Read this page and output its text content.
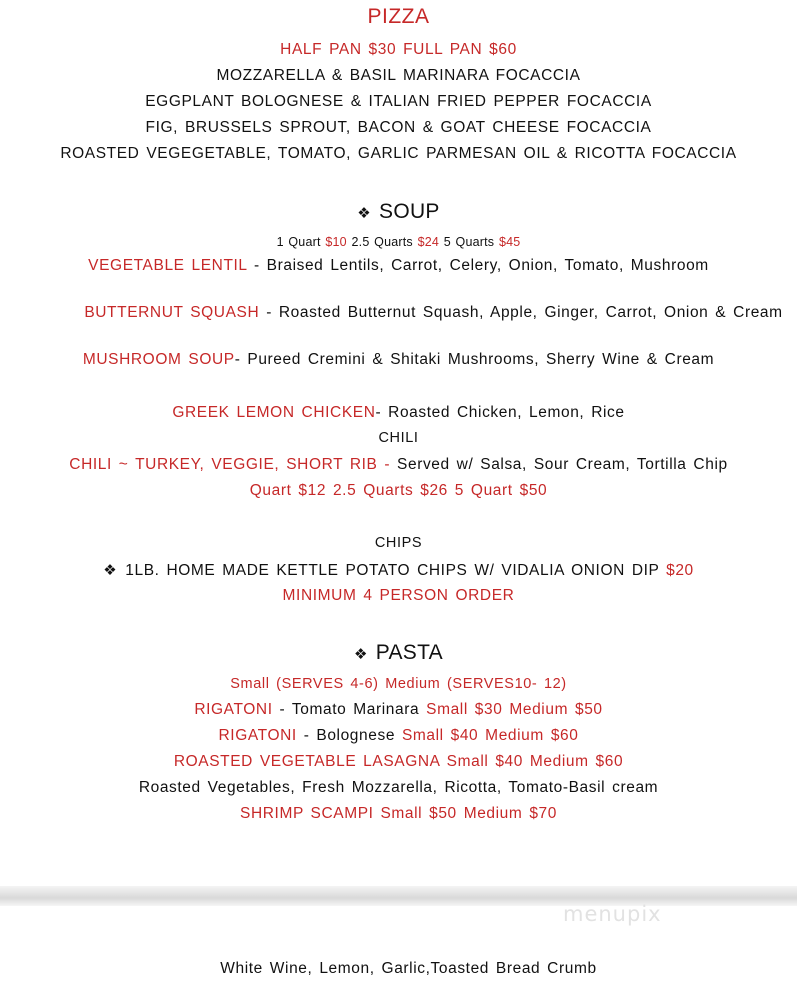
PIZZA
HALF PAN $30 FULL PAN $60
MOZZARELLA & BASIL MARINARA FOCACCIA
EGGPLANT BOLOGNESE & ITALIAN FRIED PEPPER FOCACCIA
FIG, BRUSSELS SPROUT, BACON & GOAT CHEESE FOCACCIA
ROASTED VEGEGETABLE, TOMATO, GARLIC PARMESAN OIL & RICOTTA FOCACCIA
❖ SOUP
1 Quart $10 2.5 Quarts $24 5 Quarts $45
VEGETABLE LENTIL - Braised Lentils, Carrot, Celery, Onion, Tomato, Mushroom
BUTTERNUT SQUASH - Roasted Butternut Squash, Apple, Ginger, Carrot, Onion & Cream
MUSHROOM SOUP- Pureed Cremini & Shitaki Mushrooms, Sherry Wine & Cream
GREEK LEMON CHICKEN- Roasted Chicken, Lemon, Rice
CHILI
CHILI ~ TURKEY, VEGGIE, SHORT RIB - Served w/ Salsa, Sour Cream, Tortilla Chip
Quart $12 2.5 Quarts $26 5 Quart $50
CHIPS
❖ 1LB. HOME MADE KETTLE POTATO CHIPS W/ VIDALIA ONION DIP $20
MINIMUM 4 PERSON ORDER
❖ PASTA
Small (SERVES 4-6) Medium (SERVES10- 12)
RIGATONI - Tomato Marinara Small $30 Medium $50
RIGATONI - Bolognese Small $40 Medium $60
ROASTED VEGETABLE LASAGNA Small $40 Medium $60
Roasted Vegetables, Fresh Mozzarella, Ricotta, Tomato-Basil cream
SHRIMP SCAMPI Small $50 Medium $70
menupix
White Wine, Lemon, Garlic,Toasted Bread Crumb
